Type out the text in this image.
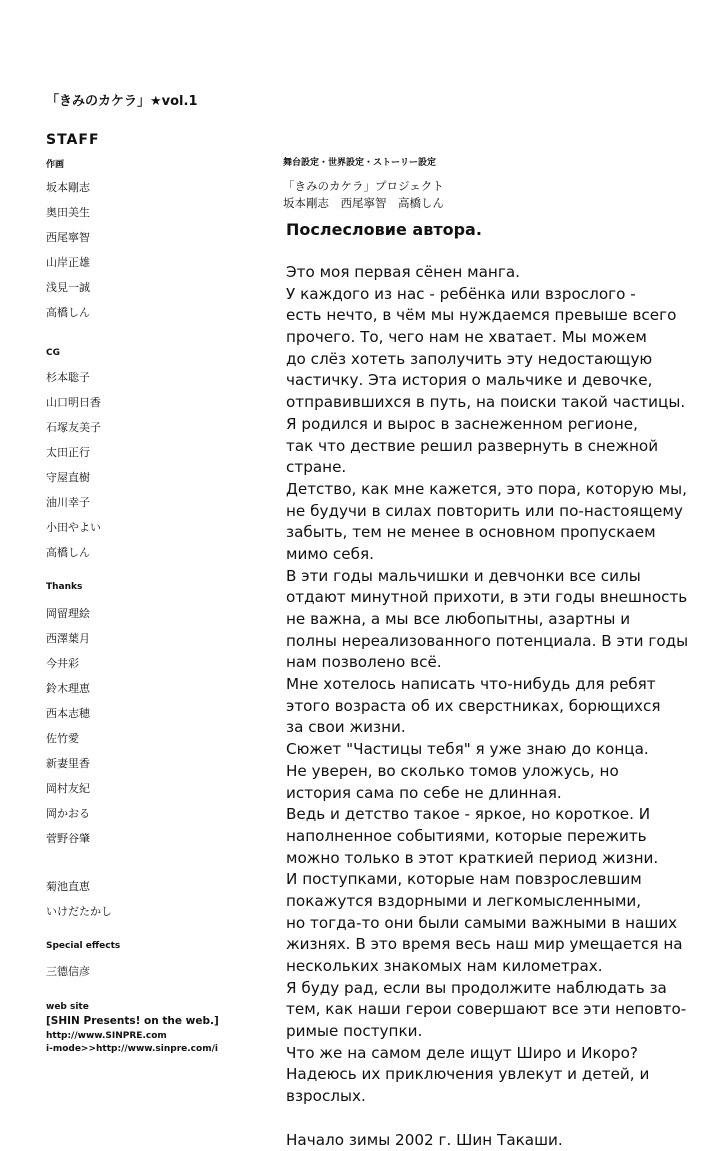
「きみのカケラ」★vol.1
STAFF
作画
坂本剛志
奥田美生
西尾寧智
山岸正雄
浅見一誠
高橋しん
CG
杉本聡子
山口明日香
石塚友美子
太田正行
守屋直樹
油川幸子
小田やよい
高橋しん
Thanks
岡留理絵
西澤葉月
今井彩
鈴木理恵
西本志穂
佐竹愛
新妻里香
岡村友紀
岡かおる
菅野谷肇
菊池直恵
いけだたかし
Special effects
三德信彦
web site
[SHIN Presents! on the web.]
http://www.SINPRE.com
i-mode>>http://www.sinpre.com/i
舞台設定・世界設定・ストーリー設定
「きみのカケラ」プロジェクト
坂本剛志　西尾寧智　高橋しん
Послесловие автора.
Это моя первая сёнен манга.
У каждого из нас - ребёнка или взрослого -
есть нечто, в чём мы нуждаемся превыше всего
прочего. То, чего нам не хватает. Мы можем
до слёз хотеть заполучить эту недостающую
частичку. Эта история о мальчике и девочке,
отправившихся в путь, на поиски такой частицы.
Я родился и вырос в заснеженном регионе,
так что дествие решил развернуть в снежной
стране.
Детство, как мне кажется, это пора, которую мы,
не будучи в силах повторить или по-настоящему
забыть, тем не менее в основном пропускаем
мимо себя.
В эти годы мальчишки и девчонки все силы
отдают минутной прихоти, в эти годы внешность
не важна, а мы все любопытны, азартны и
полны нереализованного потенциала. В эти годы
нам позволено всё.
Мне хотелось написать что-нибудь для ребят
этого возраста об их сверстниках, борющихся
за свои жизни.
Сюжет "Частицы тебя" я уже знаю до конца.
Не уверен, во сколько томов уложусь, но
история сама по себе не длинная.
Ведь и детство такое - яркое, но короткое. И
наполненное событиями, которые пережить
можно только в этот краткией период жизни.
И поступками, которые нам повзрослевшим
покажутся вздорными и легкомысленными,
но тогда-то они были самыми важными в наших
жизнях. В это время весь наш мир умещается на
нескольких знакомых нам километрах.
Я буду рад, если вы продолжите наблюдать за
тем, как наши герои совершают все эти неповто-
римые поступки.
Что же на самом деле ищут Широ и Икоро?
Надеюсь их приключения увлекут и детей, и
взрослых.
Начало зимы 2002 г. Шин Такаши.
